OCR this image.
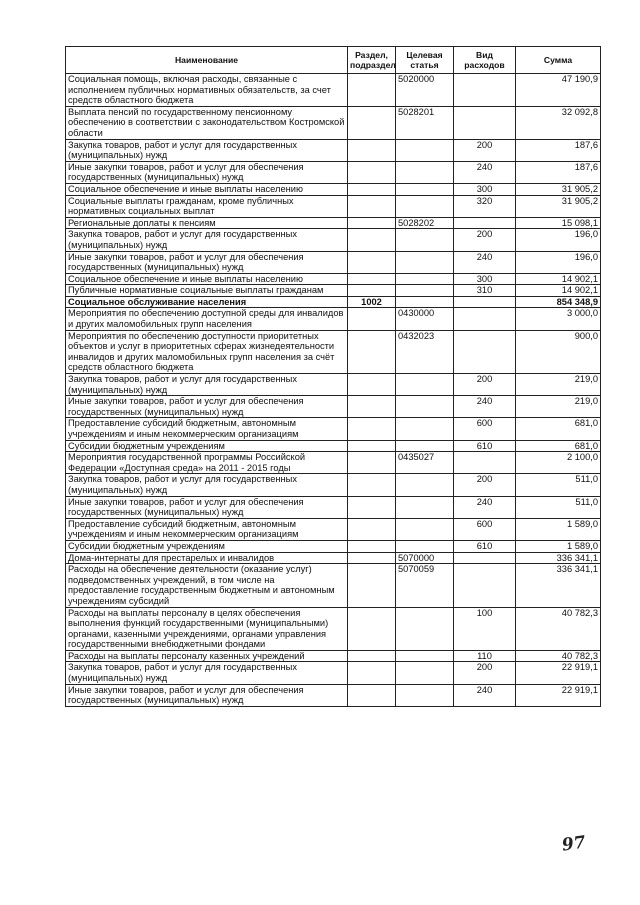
Наименование	Раздел, подраздел	Целевая статья	Вид расходов	Сумма
Социальная помощь, включая расходы, связанные с исполнением публичных нормативных обязательств, за счет средств областного бюджета		5020000		47 190,9
Выплата пенсий по государственному пенсионному обеспечению в соответствии с законодательством Костромской области		5028201		32 092,8
Закупка товаров, работ и услуг для государственных (муниципальных) нужд			200	187,6
Иные закупки товаров, работ и услуг для обеспечения государственных (муниципальных) нужд			240	187,6
Социальное обеспечение и иные выплаты населению			300	31 905,2
Социальные выплаты гражданам, кроме публичных нормативных социальных выплат			320	31 905,2
Региональные доплаты к пенсиям		5028202		15 098,1
Закупка товаров, работ и услуг для государственных (муниципальных) нужд			200	196,0
Иные закупки товаров, работ и услуг для обеспечения государственных (муниципальных) нужд			240	196,0
Социальное обеспечение и иные выплаты населению			300	14 902,1
Публичные нормативные социальные выплаты гражданам			310	14 902,1
Социальное обслуживание населения	1002			854 348,9
Мероприятия по обеспечению доступной среды для инвалидов и других маломобильных групп населения		0430000		3 000,0
Мероприятия по обеспечению доступности приоритетных объектов и услуг в приоритетных сферах жизнедеятельности инвалидов и других маломобильных групп населения за счёт средств областного бюджета		0432023		900,0
Закупка товаров, работ и услуг для государственных (муниципальных) нужд			200	219,0
Иные закупки товаров, работ и услуг для обеспечения государственных (муниципальных) нужд			240	219,0
Предоставление субсидий бюджетным, автономным учреждениям и иным некоммерческим организациям			600	681,0
Субсидии бюджетным учреждениям			610	681,0
Мероприятия государственной программы Российской Федерации «Доступная среда» на 2011 - 2015 годы		0435027		2 100,0
Закупка товаров, работ и услуг для государственных (муниципальных) нужд			200	511,0
Иные закупки товаров, работ и услуг для обеспечения государственных (муниципальных) нужд			240	511,0
Предоставление субсидий бюджетным, автономным учреждениям и иным некоммерческим организациям			600	1 589,0
Субсидии бюджетным учреждениям			610	1 589,0
Дома-интернаты для престарелых и инвалидов		5070000		336 341,1
Расходы на обеспечение деятельности (оказание услуг) подведомственных учреждений, в том числе на предоставление государственным бюджетным и автономным учреждениям субсидий		5070059		336 341,1
Расходы на выплаты персоналу в целях обеспечения выполнения функций государственными (муниципальными) органами, казенными учреждениями, органами управления государственными внебюджетными фондами			100	40 782,3
Расходы на выплаты персоналу казенных учреждений			110	40 782,3
Закупка товаров, работ и услуг для государственных (муниципальных) нужд			200	22 919,1
Иные закупки товаров, работ и услуг для обеспечения государственных (муниципальных) нужд			240	22 919,1
97
